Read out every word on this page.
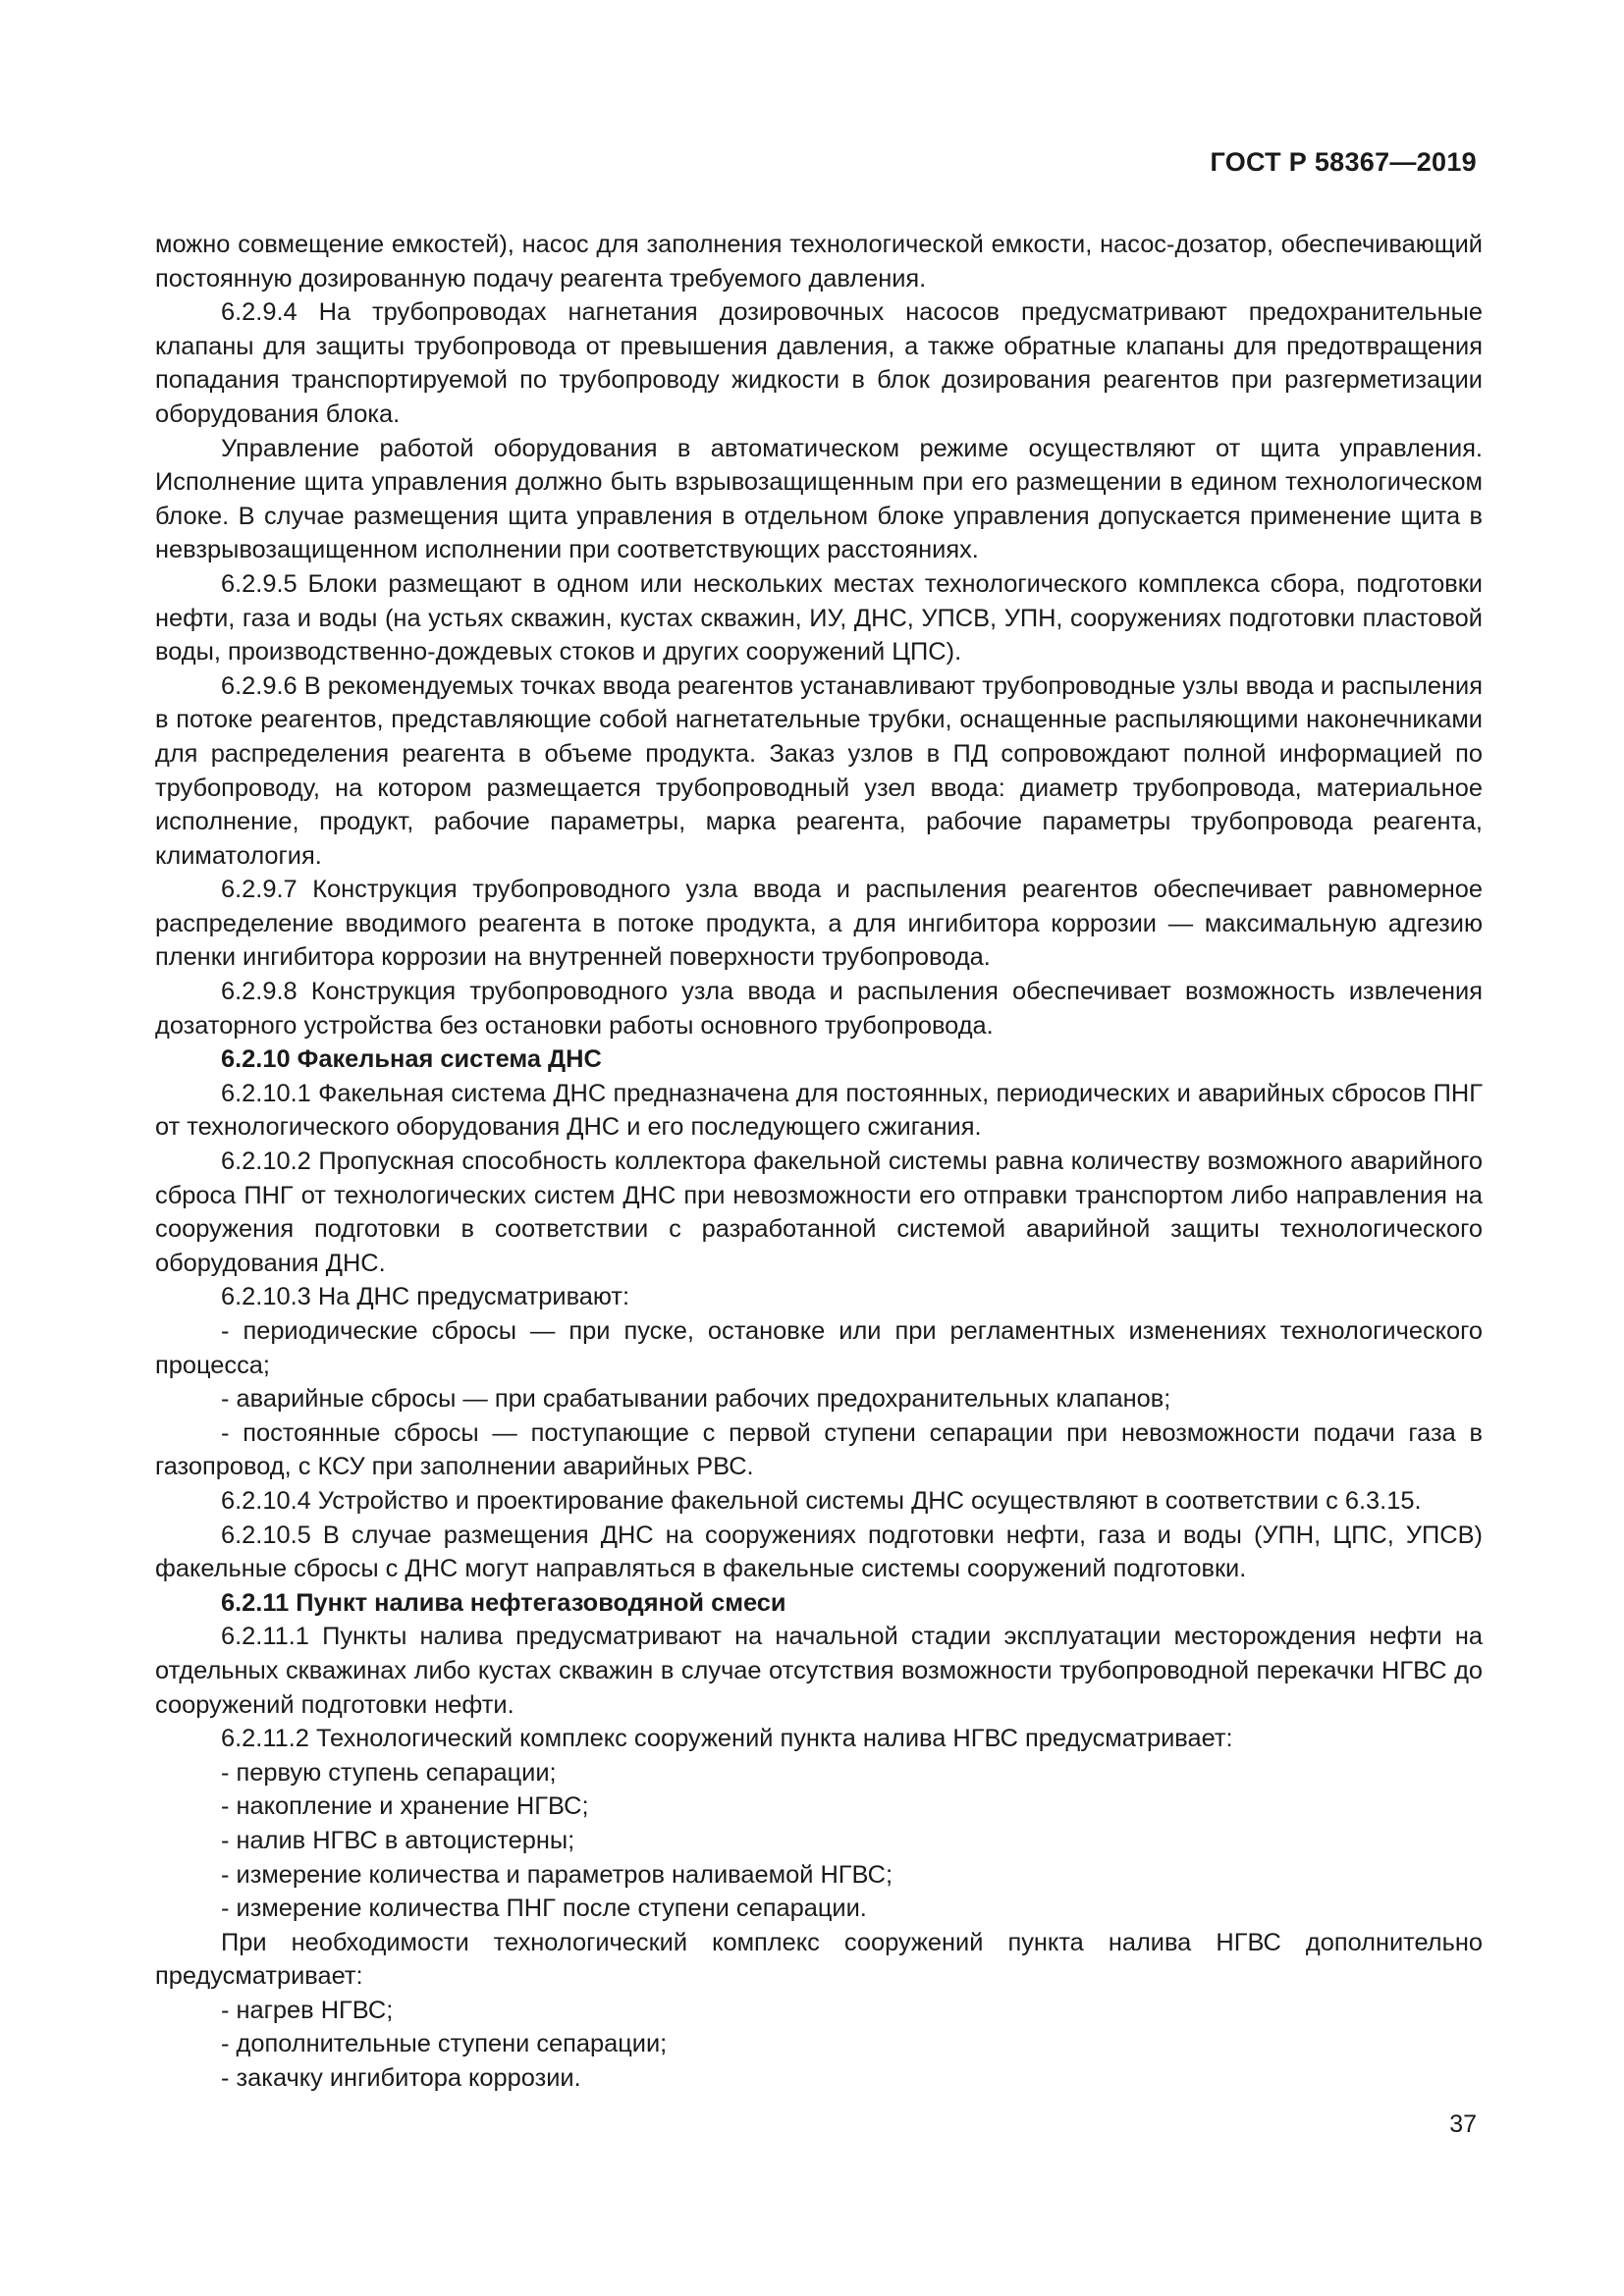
ГОСТ Р 58367—2019

можно совмещение емкостей), насос для заполнения технологической емкости, насос-дозатор, обеспечивающий постоянную дозированную подачу реагента требуемого давления.

6.2.9.4 На трубопроводах нагнетания дозировочных насосов предусматривают предохранительные клапаны для защиты трубопровода от превышения давления, а также обратные клапаны для предотвращения попадания транспортируемой по трубопроводу жидкости в блок дозирования реагентов при разгерметизации оборудования блока.

Управление работой оборудования в автоматическом режиме осуществляют от щита управления. Исполнение щита управления должно быть взрывозащищенным при его размещении в едином технологическом блоке. В случае размещения щита управления в отдельном блоке управления допускается применение щита в невзрывозащищенном исполнении при соответствующих расстояниях.

6.2.9.5 Блоки размещают в одном или нескольких местах технологического комплекса сбора, подготовки нефти, газа и воды (на устьях скважин, кустах скважин, ИУ, ДНС, УПСВ, УПН, сооружениях подготовки пластовой воды, производственно-дождевых стоков и других сооружений ЦПС).

6.2.9.6 В рекомендуемых точках ввода реагентов устанавливают трубопроводные узлы ввода и распыления в потоке реагентов, представляющие собой нагнетательные трубки, оснащенные распыляющими наконечниками для распределения реагента в объеме продукта. Заказ узлов в ПД сопровождают полной информацией по трубопроводу, на котором размещается трубопроводный узел ввода: диаметр трубопровода, материальное исполнение, продукт, рабочие параметры, марка реагента, рабочие параметры трубопровода реагента, климатология.

6.2.9.7 Конструкция трубопроводного узла ввода и распыления реагентов обеспечивает равномерное распределение вводимого реагента в потоке продукта, а для ингибитора коррозии — максимальную адгезию пленки ингибитора коррозии на внутренней поверхности трубопровода.

6.2.9.8 Конструкция трубопроводного узла ввода и распыления обеспечивает возможность извлечения дозаторного устройства без остановки работы основного трубопровода.

6.2.10 Факельная система ДНС

6.2.10.1 Факельная система ДНС предназначена для постоянных, периодических и аварийных сбросов ПНГ от технологического оборудования ДНС и его последующего сжигания.

6.2.10.2 Пропускная способность коллектора факельной системы равна количеству возможного аварийного сброса ПНГ от технологических систем ДНС при невозможности его отправки транспортом либо направления на сооружения подготовки в соответствии с разработанной системой аварийной защиты технологического оборудования ДНС.

6.2.10.3 На ДНС предусматривают:

- периодические сбросы — при пуске, остановке или при регламентных изменениях технологического процесса;

- аварийные сбросы — при срабатывании рабочих предохранительных клапанов;

- постоянные сбросы — поступающие с первой ступени сепарации при невозможности подачи газа в газопровод, с КСУ при заполнении аварийных РВС.

6.2.10.4 Устройство и проектирование факельной системы ДНС осуществляют в соответствии с 6.3.15.

6.2.10.5 В случае размещения ДНС на сооружениях подготовки нефти, газа и воды (УПН, ЦПС, УПСВ) факельные сбросы с ДНС могут направляться в факельные системы сооружений подготовки.

6.2.11 Пункт налива нефтегазоводяной смеси

6.2.11.1 Пункты налива предусматривают на начальной стадии эксплуатации месторождения нефти на отдельных скважинах либо кустах скважин в случае отсутствия возможности трубопроводной перекачки НГВС до сооружений подготовки нефти.

6.2.11.2 Технологический комплекс сооружений пункта налива НГВС предусматривает:

- первую ступень сепарации;

- накопление и хранение НГВС;

- налив НГВС в автоцистерны;

- измерение количества и параметров наливаемой НГВС;

- измерение количества ПНГ после ступени сепарации.

При необходимости технологический комплекс сооружений пункта налива НГВС дополнительно предусматривает:

- нагрев НГВС;

- дополнительные ступени сепарации;

- закачку ингибитора коррозии.

37
